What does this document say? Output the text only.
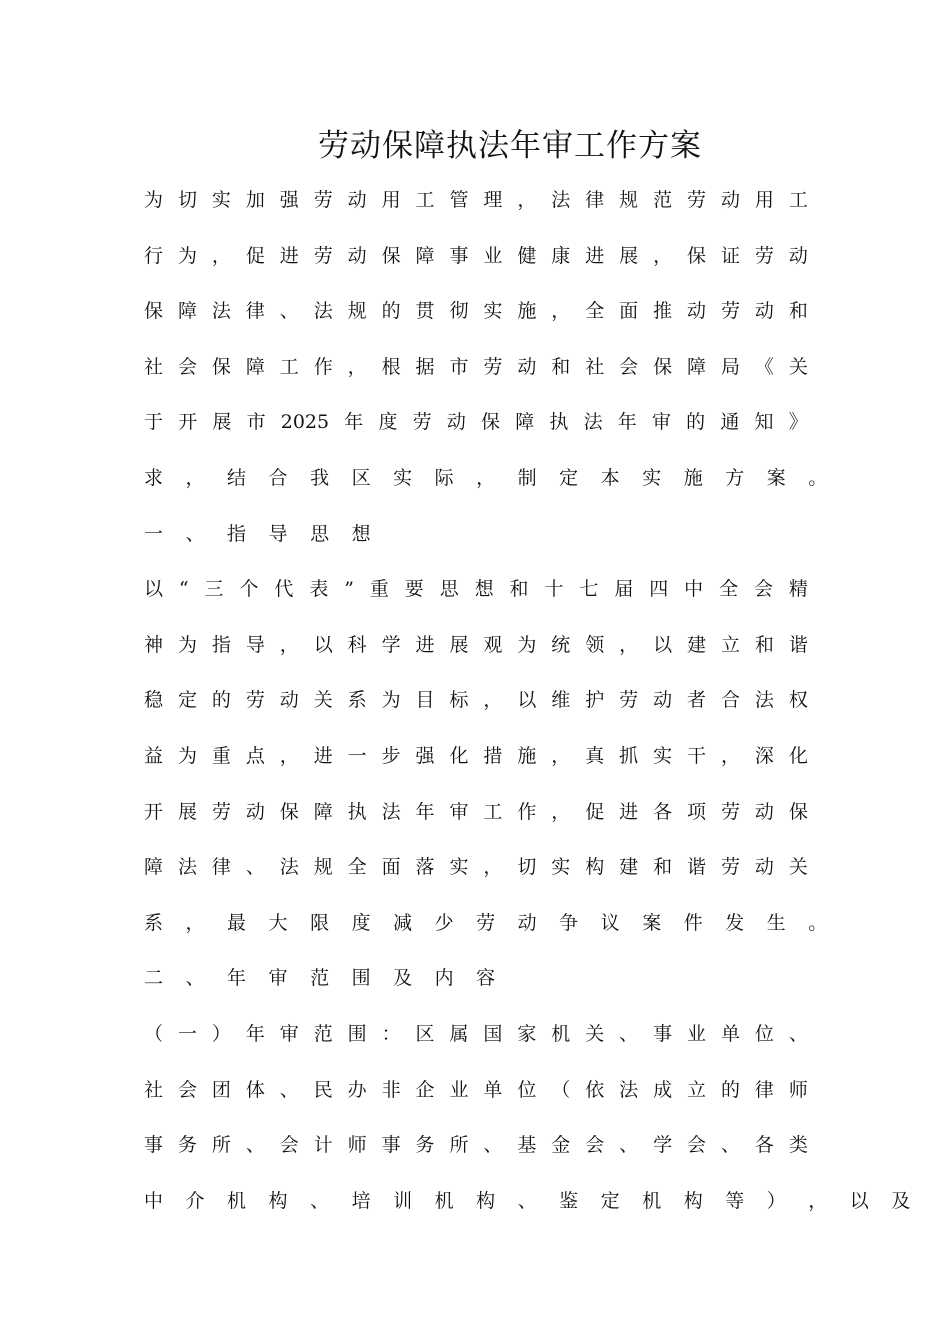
劳动保障执法年审工作方案
为 切 实 加 强 劳 动 用 工 管 理 ， 法 律 规 范 劳 动 用 工
行 为 ， 促 进 劳 动 保 障 事 业 健 康 进 展 ， 保 证 劳 动
保 障 法 律 、 法 规 的 贯 彻 实 施 ， 全 面 推 动 劳 动 和
社 会 保 障 工 作 ， 根 据 市 劳 动 和 社 会 保 障 局 《 关
于 开 展 市 2025 年 度 劳 动 保 障 执 法 年 审 的 通 知 》
求 ， 结 合 我 区 实 际 ， 制 定 本 实 施 方 案 。
一 、 指 导 思 想
以 “ 三 个 代 表 ” 重 要 思 想 和 十 七 届 四 中 全 会 精
神 为 指 导 ， 以 科 学 进 展 观 为 统 领 ， 以 建 立 和 谐
稳 定 的 劳 动 关 系 为 目 标 ， 以 维 护 劳 动 者 合 法 权
益 为 重 点 ， 进 一 步 强 化 措 施 ， 真 抓 实 干 ， 深 化
开 展 劳 动 保 障 执 法 年 审 工 作 ， 促 进 各 项 劳 动 保
障 法 律 、 法 规 全 面 落 实 ， 切 实 构 建 和 谐 劳 动 关
系 ， 最 大 限 度 减 少 劳 动 争 议 案 件 发 生 。
二 、 年 审 范 围 及 内 容
（ 一 ） 年 审 范 围 ： 区 属 国 家 机 关 、 事 业 单 位 、
社 会 团 体 、 民 办 非 企 业 单 位 （ 依 法 成 立 的 律 师
事 务 所 、 会 计 师 事 务 所 、 基 金 会 、 学 会 、 各 类
中 介 机 构 、 培 训 机 构 、 鉴 定 机 构 等 ） ， 以 及
